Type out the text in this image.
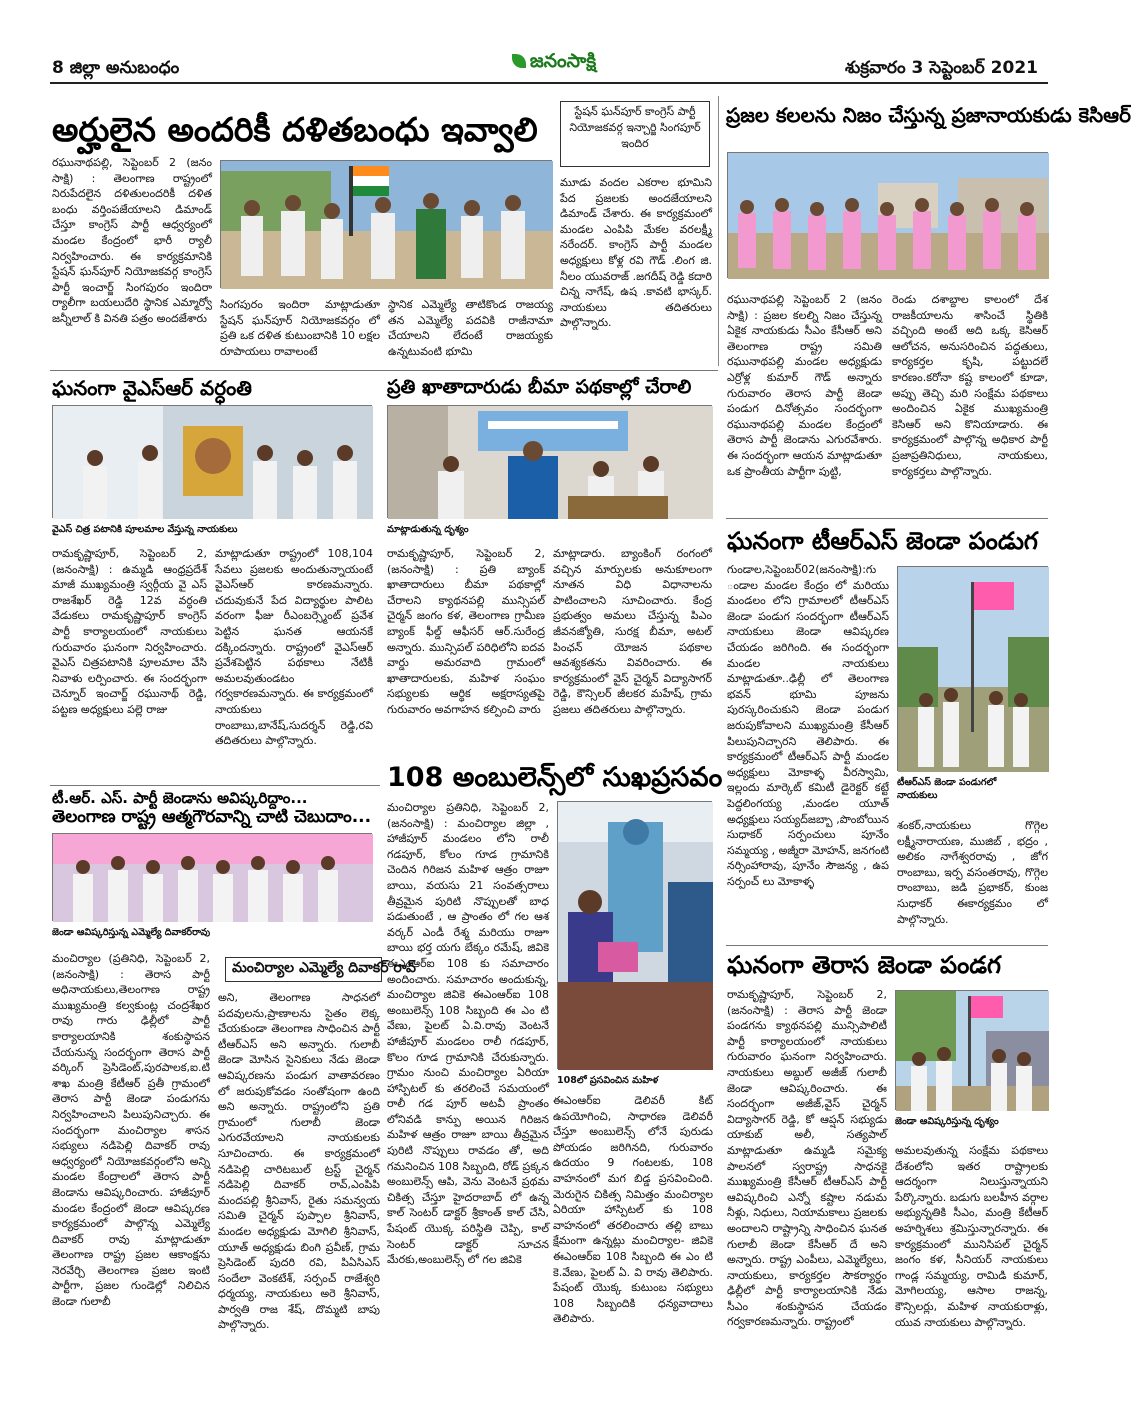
8 జిల్లా అనుబంధం	జనంసాక్షి	శుక్రవారం 3 సెప్టెంబర్ 2021
అర్హులైన అందరికీ దళితబంధు ఇవ్వాలి
రఘునాథపల్లి, సెప్టెంబర్ 2 (జనం సాక్షి) : తెలంగాణ రాష్ట్రంలో నిరుపేదలైన దళితులందరికీ దళిత బంధు వర్తింపజేయాలని డిమాండ్ చేస్తూ కాంగ్రెస్ పార్టీ ఆధ్వర్యంలో మండల కేంద్రంలో భారీ ర్యాలీ నిర్వహించారు. ఈ కార్యక్రమానికి స్టేషన్ ఘన్‌పూర్ నియోజకవర్గ కాంగ్రెస్ పార్టీ ఇంచార్జ్ సింగపురం ఇందిరా ర్యాలీగా బయలుదేరి స్థానిక ఎమ్మార్వో జన్నీలాల్ కి వినతి పత్రం అందజేశారు
సింగపురం ఇందిరా మాట్లాడుతూ స్టేషన్ ఘన్‌పూర్ నియోజకవర్గం లో ప్రతి ఒక దళిత కుటుంబానికి 10 లక్షల రూపాయలు రావాలంటే
స్థానిక ఎమ్మెల్యే తాటికొండ రాజయ్య తన ఎమ్మెల్యే పదవికి రాజీనామా చేయాలని లేదంటే రాజయ్యకు ఉన్నటువంటి భూమి
స్టేషన్ ఘన్‌పూర్ కాంగ్రెస్ పార్టీ నియోజకవర్గ ఇన్చార్జి సింగపూర్ ఇందిర
మూడు వందల ఎకరాల భూమిని పేద ప్రజలకు అందజేయాలని డిమాండ్ చేశారు. ఈ కార్యక్రమంలో మండల ఎంపిపి మేకల వరలక్ష్మీ నరేందర్. కాంగ్రెస్ పార్టీ మండల అధ్యక్షులు కోళ్ల రవి గౌడ్ .లింగ జి. నీలం యువరాజ్ .జగదీష్ రెడ్డి కదారి చిన్న నాగేష్, ఉష .కావటి భాస్కర్. నాయకులు తదితరులు పాల్గొన్నారు.
ప్రజల కలలను నిజం చేస్తున్న ప్రజానాయకుడు కెసిఆర్
రఘునాథపల్లి సెప్టెంబర్ 2 (జనం సాక్షి) : ప్రజల కలల్ని నిజం చేస్తున్న ఏకైక నాయకుడు సీఎం కేసీఆర్ అని తెలంగాణ రాష్ట్ర సమితి రఘునాథపల్లి మండల అధ్యక్షుడు ఎర్రోళ్ల కుమార్ గౌడ్ అన్నారు గురువారం తెరాస పార్టీ జెండా పండుగ దినోత్సవం సందర్భంగా రఘునాథపల్లి మండల కేంద్రంలో తెరాస పార్టీ జెండాను ఎగురవేశారు. ఈ సందర్భంగా ఆయన మాట్లాడుతూ ఒక ప్రాంతీయ పార్టీగా పుట్టి,
రెండు దశాబ్దాల కాలంలో దేశ రాజకీయాలను శాసించే స్థితికి వచ్చింది అంటే అది ఒక్క కెసిఆర్ ఆలోచన, అనుసరించిన పద్ధతులు, కార్యకర్తల కృషి, పట్టుదలే కారణం.కరోనా కష్ట కాలంలో కూడా, అప్పు తెచ్చి మరి సంక్షేమ పథకాలు అందించిన ఏకైక ముఖ్యమంత్రి కెసిఆర్ అని కొనియాడారు. ఈ కార్యక్రమంలో పాల్గొన్న అధికార పార్టీ ప్రజాప్రతినిధులు, నాయకులు, కార్యకర్తలు పాల్గొన్నారు.
ఘనంగా వైఎస్ఆర్ వర్ధంతి
వైఎస్ చిత్ర పటానికి పూలమాల వేస్తున్న నాయకులు
రామకృష్ణాపూర్, సెప్టెంబర్ 2, (జనంసాక్షి) : ఉమ్మడి ఆంధ్రప్రదేశ్ మాజీ ముఖ్యమంత్రి స్వర్గీయ వై ఎస్ రాజశేఖర్ రెడ్డి 12వ వర్ధంతి వేడుకలు రామకృష్ణాపూర్ కాంగ్రెస్ పార్టీ కార్యాలయంలో నాయకులు గురువారం ఘనంగా నిర్వహించారు. వైఎస్ చిత్రపటానికి పూలమాల వేసి నివాళు లర్పించారు. ఈ సందర్భంగా చెన్నూర్ ఇంచార్జ్ రఘునాథ్ రెడ్డి, పట్టణ అధ్యక్షులు పల్లె రాజు
మాట్లాడుతూ రాష్ట్రంలో 108,104 సేవలు ప్రజలకు అందుతున్నాయంటే వైఎస్ఆర్ కారణమన్నారు. చదువుకునే పేద విద్యార్థుల పాలిట వరంగా ఫీజు రీఎంబర్స్మెంట్ ప్రవేశ పెట్టిన ఘనత ఆయనకే దక్కిందన్నారు. రాష్ట్రంలో వైఎస్ఆర్ ప్రవేశపెట్టిన పథకాలు నేటికీ అమలవుతుండటం గర్వకారణమన్నారు. ఈ కార్యక్రమంలో నాయకులు రాంబాబు,బానేష్,సుదర్శన్ రెడ్డి,రవి తదితరులు పాల్గొన్నారు.
ప్రతి ఖాతాదారుడు బీమా పథకాల్లో చేరాలి
మాట్లాడుతున్న దృశ్యం
రామకృష్ణాపూర్, సెప్టెంబర్ 2, (జనంసాక్షి) : ప్రతి బ్యాంక్ ఖాతాదారులు బీమా పథకాల్లో చేరాలని క్యాథనపల్లి మున్సిపల్ చైర్మన్ జంగం కళ, తెలంగాణ గ్రామీణ బ్యాంక్ ఫీల్డ్ ఆఫీసర్ ఆర్.సురేంద్ర అన్నారు. మున్సిపల్ పరిధిలోని ఐదవ వార్డు అమరవాది గ్రామంలో ఖాతాదారులకు, మహిళ సంఘం సభ్యులకు ఆర్థిక అక్షరాస్యతపై గురువారం అవగాహన కల్పించి వారు
మాట్లాడారు. బ్యాంకింగ్ రంగంలో వచ్చిన మార్పులకు అనుకూలంగా నూతన విధి విధానాలను పాటించాలని సూచించారు. కేంద్ర ప్రభుత్వం అమలు చేస్తున్న పిఎం జీవనజ్యోతి, సురక్ష బీమా, అటల్ పింఛన్ యోజన పథకాల ఆవశ్యకతను వివరించారు. ఈ కార్యక్రమంలో వైస్ చైర్మన్ విద్యాసాగర్ రెడ్డి, కౌన్సిలర్ జీలకర మహేష్, గ్రామ ప్రజలు తదితరులు పాల్గొన్నారు.
ఘనంగా టీఆర్ఎస్ జెండా పండుగ
గుండాల,సెప్టెంబర్02(జనంసాక్షి):గు ండాల మండల కేంద్రం లో మరియు మండలం లోని గ్రామాలలో టీఆర్ఎస్ జెండా పండుగ సందర్భంగా టీఆర్ఎస్ నాయకులు జెండా ఆవిష్కరణ చేయడం జరిగింది. ఈ సందర్భంగా మండల నాయకులు మాట్లాడుతూ..ఢిల్లీ లో తెలంగాణ భవన్ భూమి పూజను పురస్కరించుకుని జెండా పండుగ జరుపుకోవాలని ముఖ్యమంత్రి కేసీఆర్ పిలుపునిచ్చారని తెలిపారు. ఈ కార్యక్రమంలో టీఆర్ఎస్ పార్టీ మండల అధ్యక్షులు మోకాళ్ళ వీరస్వామి, ఇల్లందు మార్కెట్ కమిటీ డైరెక్టర్ కట్టే పెద్దలింగయ్య ,మండల యూత్ అధ్యక్షులు సయ్యద్‌జబ్బా ,పొంబోయిన సుధాకర్ సర్పంచులు పూనేం సమ్మయ్య , అజ్మీరా మోహన్, జనగంటి నర్సింహారావు, పూనేం సౌజన్య , ఉప సర్పంచ్ లు మోకాళ్ళ
టీఆర్ఎస్ జెండా పండుగలో
నాయకులు
శంకర్,నాయకులు గొగ్గెల లక్ష్మీనారాయణ, ముజిబ్ , భద్రం , అలికం నాగేశ్వరరావు , జోగ రాంబాబు, ఇర్ప వసంతరావు, గొగ్గెల రాంబాబు, జడి ప్రభాకర్, కుంజ సుధాకర్ ఈకార్యక్రమం లో పాల్గొన్నారు.
టీ.ఆర్. ఎస్. పార్టీ జెండాను అవిష్కరిద్దాం...
తెలంగాణ రాష్ట్ర ఆత్మగౌరవాన్ని చాటి చెబుదాం...
జెండా ఆవిష్కరిస్తున్న ఎమ్మెల్యే దివాకర్‌రావు
మంచిర్యాల (ప్రతినిధి, సెప్టెంబర్ 2, (జనంసాక్షి) : తెరాస పార్టీ అధినాయకులు,తెలంగాణ రాష్ట్ర ముఖ్యమంత్రి కల్వకుంట్ల చంద్రశేఖర రావు గారు ఢిల్లీలో పార్టీ కార్యాలయానికి శంకుస్థాపన చేయనున్న సందర్భంగా తెరాస పార్టీ వర్కింగ్ ప్రెసిడెంట్,పురపాలక,ఐ.టి శాఖ మంత్రి కేటీఆర్ ప్రతీ గ్రామంలో తెరాస పార్టీ జెండా పండుగను నిర్వహించాలని పిలుపునిచ్చారు. ఈ సందర్భంగా మంచిర్యాల శాసన సభ్యులు నడిపెల్లి దివాకర్ రావు ఆధ్వర్యంలో నియోజకవర్గంలోని అన్ని మండల కేంద్రాలలో తెరాస పార్టీ జెండాను ఆవిష్కరించారు. హాజీపూర్ మండల కేంద్రంలో జెండా ఆవిష్కరణ కార్యక్రమంలో పాల్గొన్న ఎమ్మెల్యే దివాకర్ రావు మాట్లాడుతూ తెలంగాణ రాష్ట్ర ప్రజల ఆకాంక్షను నెరవేర్చి తెలంగాణ ప్రజల ఇంటి పార్టీగా, ప్రజల గుండెల్లో నిలిచిన జెండా గులాబీ
మంచిర్యాల ఎమ్మెల్యే దివాకర్ రావ్
అని, తెలంగాణ సాధనలో పదవులను,ప్రాణాలను సైతం లెక్క చేయకుండా తెలంగాణ సాధించిన పార్టీ టీఆర్ఎస్ అని అన్నారు. గులాబీ జెండా మోసిన సైనికులు నేడు జెండా ఆవిష్కరణను పండుగ వాతావరణం లో జరుపుకోవడం సంతోషంగా ఉంది అని అన్నారు. రాష్ట్రంలోని ప్రతి గ్రామంలో గులాబీ జెండా ఎగురవేయాలని నాయకులకు సూచించారు. ఈ కార్యక్రమంలో నడిపెల్లి చారిటబుల్ ట్రస్ట్ చైర్మన్ నడిపెల్లి దివాకర్ రావ్,ఎంపిపి మందపల్లి శ్రీనివాస్, రైతు సమన్వయ సమితి చైర్మన్ పుప్పాల శ్రీనివాస్, మండల అధ్యక్షుడు మోగిలి శ్రీనివాస్, యూత్ అధ్యక్షుడు బింగి ప్రవీణ్, గ్రామ ప్రెసిడెంట్ పుదరి రవి, పిఏసిఎస్ సందేలా వెంకటేశ్, సర్పంచ్ రాజేశ్వరి ధర్మయ్య, నాయకులు అరె శ్రీనివాస్, పార్వతి రాజ శేష్, దొమ్మటి బాపు పాల్గొన్నారు.
108 అంబులెన్స్‌లో సుఖప్రసవం
మంచిర్యాల ప్రతినిధి, సెప్టెంబర్ 2, (జనంసాక్షి) : మంచిర్యాల జిల్లా , హాజీపూర్ మండలం లోని రాలీ గడపూర్, కోలం గూడ గ్రామానికి చెందిన గిరిజన మహిళ ఆత్రం రాజూ బాయి, వయసు 21 సంవత్సరాలు తీవ్రమైన పురిటి నొప్పులతో బాధ పడుతుంటే , ఆ ప్రాంతం లో గల ఆశ వర్కర్ ఎండీ రేశ్మ మరియు రాజూ బాయి భర్త యగు బేక్కం రమేష్, జివికె ఈఎంఆర్ఐ 108 కు సమాచారం అందించారు. సమాచారం అందుకున్న, మంచిర్యాల జివికె ఈఎంఆర్ఐ 108 అంబులెన్స్ 108 సిబ్బంది ఈ ఎం టి వేణు, పైలట్ ఏ.వి.రావు వెంటనే హాజీపూర్ మండలం రాలీ గడపూర్, కొలం గూడ గ్రామానికి చేరుకున్నారు. గ్రామం నుంచి మంచిర్యాల ఏరియా హాస్పిటల్ కు తరలించే సమయంలో రాలీ గడ పూర్ అటవీ ప్రాంతం లోనివడి కాన్పు అయిన గిరిజన మహిళ ఆత్రం రాజూ బాయి తీవ్రమైన పురిటి నొప్పులు రావడం తో, అది గమనించిన 108 సిబ్బంది, రోడ్ ప్రక్కన అంబులెన్స్ ఆపి, వెను వెంటనే ప్రథమ చికిత్స చేస్తూ హైదరాబాద్ లో ఉన్న కాల్ సెంటర్ డాక్టర్ శ్రీకాంత్ కాల్ చేసి, పేషంట్ యొక్క పరిస్థితి చెప్పి, కాల్ సెంటర్ డాక్టర్ సూచన మేరకు,అంబులెన్స్ లో గల జివికె
108లో ప్రసవించిన మహిళ
ఈఎంఆర్ఐ డెలివరీ కిట్ ఉపయోగించి, సాధారణ డెలివరీ చేస్తూ అంబులెన్స్ లోనే పురుడు పోయడం జరిగినది, గురువారం ఉదయం 9 గంటలకు, 108 వాహనంలో మగ బిడ్డ ప్రసవించింది. మెరుగైన చికిత్స నిమిత్తం మంచిర్యాల ఏరియా హాస్పిటల్ కు 108 వాహనంలో తరలించారు తల్లి బాబు క్షేమంగా ఉన్నట్లు మంచిర్యాల- జివికె ఈఎంఆర్ఐ 108 సిబ్బంది ఈ ఎం టి కె.వేణు, పైలట్ ఏ. వి రావు తెలిపారు. పేషంట్ యొక్క కుటుంబ సభ్యులు 108 సిబ్బందికి ధన్యవాదాలు తెలిపారు.
ఘనంగా తెరాస జెండా పండగ
రామకృష్ణాపూర్, సెప్టెంబర్ 2, (జనంసాక్షి) : తెరాస పార్టీ జెండా పండగను క్యాథనపల్లి మున్సిపాలిటీ పార్టీ కార్యాలయంలో నాయకులు గురువారం ఘనంగా నిర్వహించారు. నాయకులు అబ్దుల్ అజీజ్ గులాబీ జెండా ఆవిష్కరించారు. ఈ సందర్భంగా అజీజ్,వైస్ చైర్మన్ విద్యాసాగర్ రెడ్డి, కో ఆప్షన్ సభ్యుడు యాకుబ్ అలీ, సత్యపాల్ మాట్లాడుతూ ఉమ్మడి సమైక్య పాలనలో స్వరాష్ట్ర సాధనకై ముఖ్యమంత్రి కేసీఆర్ టీఆర్ఎస్ పార్టీ ఆవిష్కరించి ఎన్నో కష్టాల నడుమ నీళ్లు, నిధులు, నియామకాలు ప్రజలకు అందాలని రాష్ట్రాన్ని సాధించిన ఘనత గులాబీ జెండా కేసీఆర్ దే అని అన్నారు. రాష్ట్ర ఎంపీలు, ఎమ్మెల్యేలు, నాయకులు, కార్యకర్తల సౌకర్యార్థం ఢిల్లీలో పార్టీ కార్యాలయానికి నేడు సీఎం శంకుస్థాపన చేయడం గర్వకారణమన్నారు. రాష్ట్రంలో
జెండా ఆవిష్కరిస్తున్న దృశ్యం
అమలవుతున్న సంక్షేమ పథకాలు దేశంలోని ఇతర రాష్ట్రాలకు ఆదర్శంగా నిలుస్తున్నాయని పేర్కొన్నారు. బడుగు బలహీన వర్గాల అభ్యున్నతికి సీఎం, మంత్రి కేటీఆర్ అహర్నిశలు శ్రమిస్తున్నారన్నారు. ఈ కార్యక్రమంలో మునిసిపల్ చైర్మన్ జంగం కళ, సీనియర్ నాయకులు గాండ్ల సమ్మయ్య, రామిడి కుమార్, మోగిలయ్య, ఆసాల రాజన్న, కౌన్సిలర్లు, మహిళ నాయకురాళ్లు, యువ నాయకులు పాల్గొన్నారు.
